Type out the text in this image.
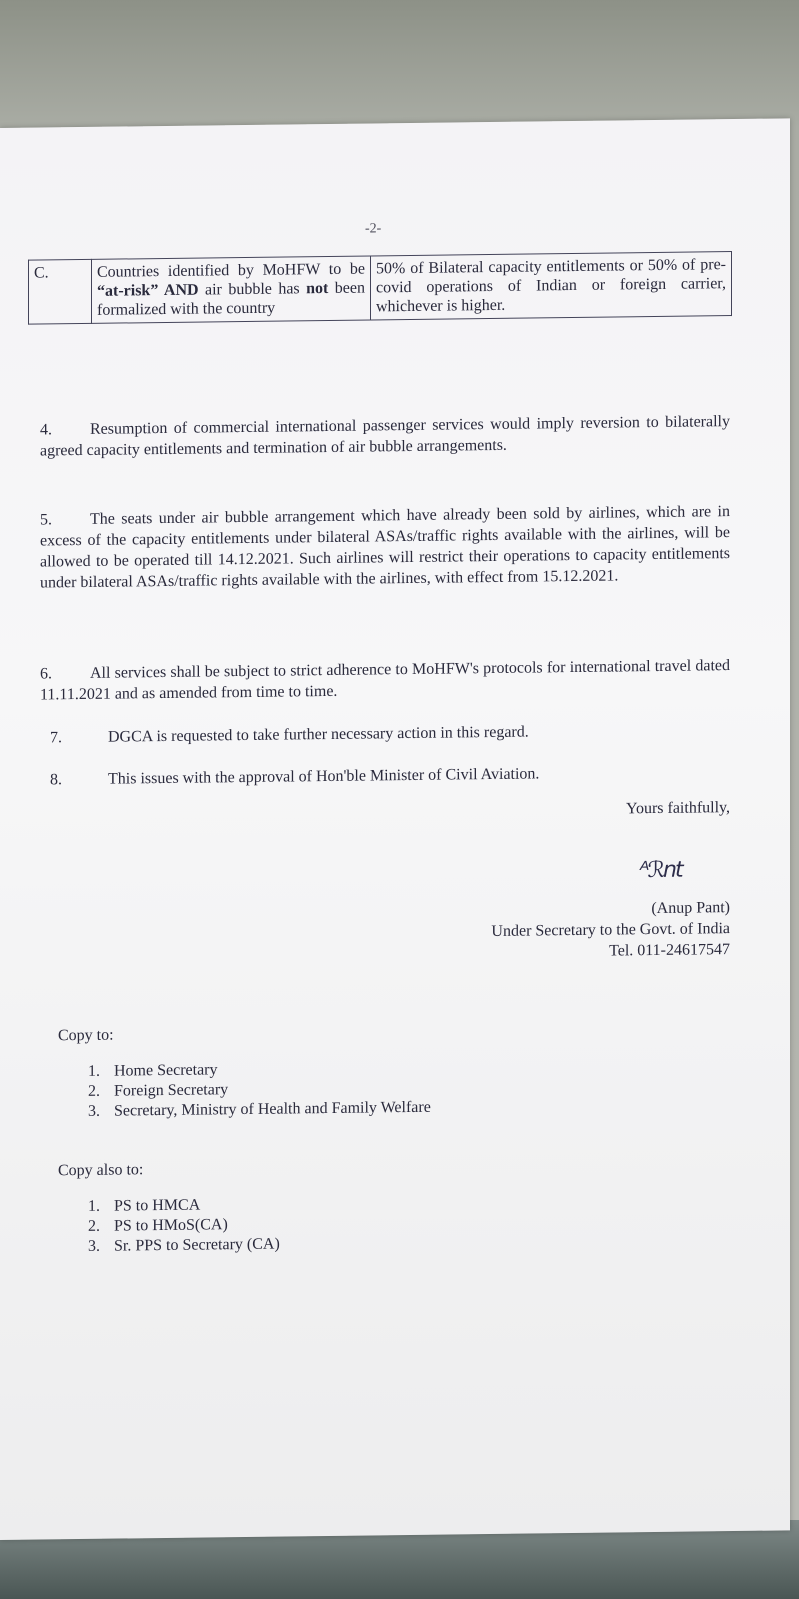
-2-
C.	Countries identified by MoHFW to be “at-risk” AND air bubble has not been formalized with the country	50% of Bilateral capacity entitlements or 50% of pre-covid operations of Indian or foreign carrier, whichever is higher.
4. Resumption of commercial international passenger services would imply reversion to bilaterally agreed capacity entitlements and termination of air bubble arrangements.
5. The seats under air bubble arrangement which have already been sold by airlines, which are in excess of the capacity entitlements under bilateral ASAs/traffic rights available with the airlines, will be allowed to be operated till 14.12.2021. Such airlines will restrict their operations to capacity entitlements under bilateral ASAs/traffic rights available with the airlines, with effect from 15.12.2021.
6. All services shall be subject to strict adherence to MoHFW's protocols for international travel dated 11.11.2021 and as amended from time to time.
7.	DGCA is requested to take further necessary action in this regard.
8.	This issues with the approval of Hon'ble Minister of Civil Aviation.
Yours faithfully,
ᴬℛnt
(Anup Pant)
Under Secretary to the Govt. of India
Tel. 011-24617547
Copy to:
1. Home Secretary
2. Foreign Secretary
3. Secretary, Ministry of Health and Family Welfare
Copy also to:
1. PS to HMCA
2. PS to HMoS(CA)
3. Sr. PPS to Secretary (CA)
